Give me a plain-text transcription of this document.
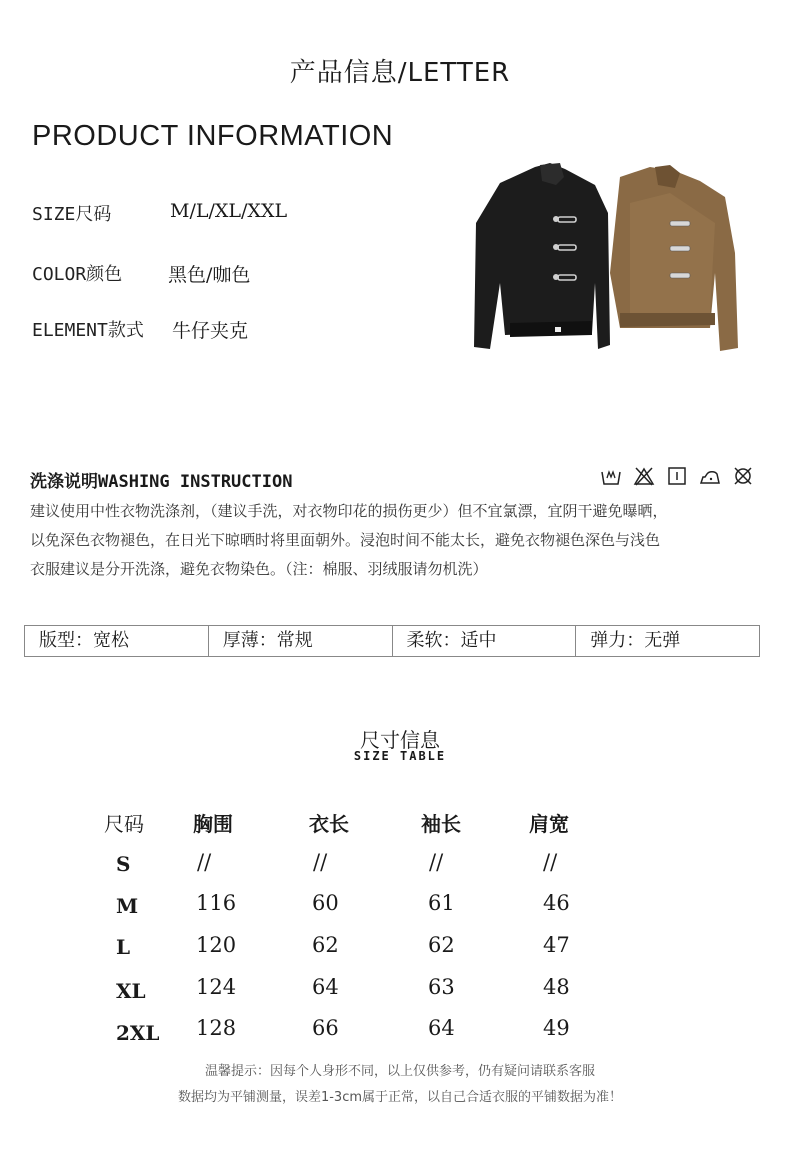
产品信息/LETTER
PRODUCT INFORMATION
SIZE尺码	M/L/XL/XXL
COLOR颜色 黑色/咖色
ELEMENT款式 牛仔夹克
洗涤说明WASHING INSTRUCTION
建议使用中性衣物洗涤剂，（建议手洗，对衣物印花的损伤更少）但不宜氯漂，宜阴干避免曝晒，
以免深色衣物褪色，在日光下晾晒时将里面朝外。浸泡时间不能太长，避免衣物褪色深色与浅色
衣服建议是分开洗涤，避免衣物染色。（注：棉服、羽绒服请勿机洗）
版型：宽松	厚薄：常规	柔软：适中	弹力：无弹
尺寸信息
SIZE TABLE
尺码 胸围	衣长	袖长	肩宽
S	//	//	//	//
M	116	60	61	46
L	120	62	62	47
XL 124	64	63	48
2XL 128	66	64	49
温馨提示：因每个人身形不同，以上仅供参考，仍有疑问请联系客服
数据均为平铺测量，误差1-3cm属于正常，以自己合适衣服的平铺数据为准！
